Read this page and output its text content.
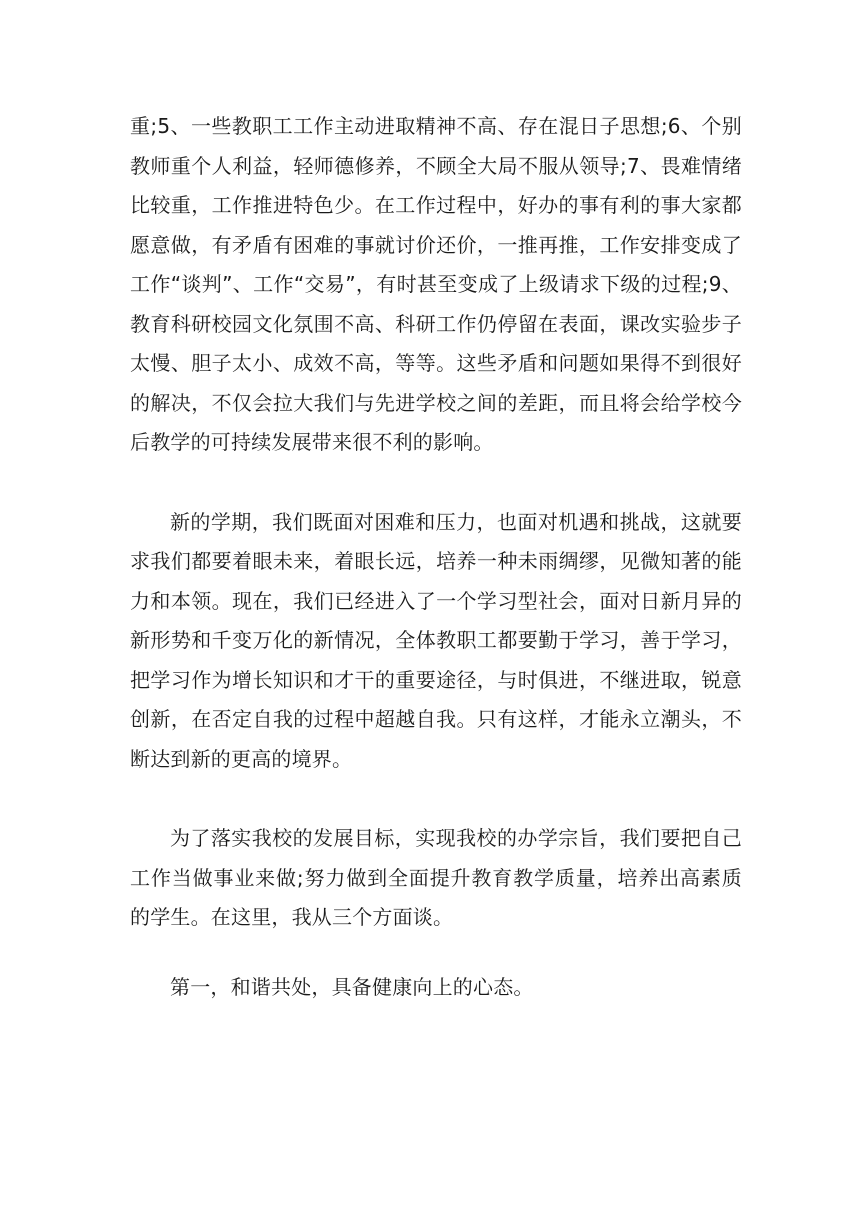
重;5、一些教职工工作主动进取精神不高、存在混日子思想;6、个别教师重个人利益，轻师德修养，不顾全大局不服从领导;7、畏难情绪比较重，工作推进特色少。在工作过程中，好办的事有利的事大家都愿意做，有矛盾有困难的事就讨价还价，一推再推，工作安排变成了工作“谈判”、工作“交易”，有时甚至变成了上级请求下级的过程;9、教育科研校园文化氛围不高、科研工作仍停留在表面，课改实验步子太慢、胆子太小、成效不高，等等。这些矛盾和问题如果得不到很好的解决，不仅会拉大我们与先进学校之间的差距，而且将会给学校今后教学的可持续发展带来很不利的影响。

新的学期，我们既面对困难和压力，也面对机遇和挑战，这就要求我们都要着眼未来，着眼长远，培养一种未雨绸缪，见微知著的能力和本领。现在，我们已经进入了一个学习型社会，面对日新月异的新形势和千变万化的新情况，全体教职工都要勤于学习，善于学习，把学习作为增长知识和才干的重要途径，与时俱进，不继进取，锐意创新，在否定自我的过程中超越自我。只有这样，才能永立潮头，不断达到新的更高的境界。

为了落实我校的发展目标，实现我校的办学宗旨，我们要把自己工作当做事业来做;努力做到全面提升教育教学质量，培养出高素质的学生。在这里，我从三个方面谈。

第一，和谐共处，具备健康向上的心态。
